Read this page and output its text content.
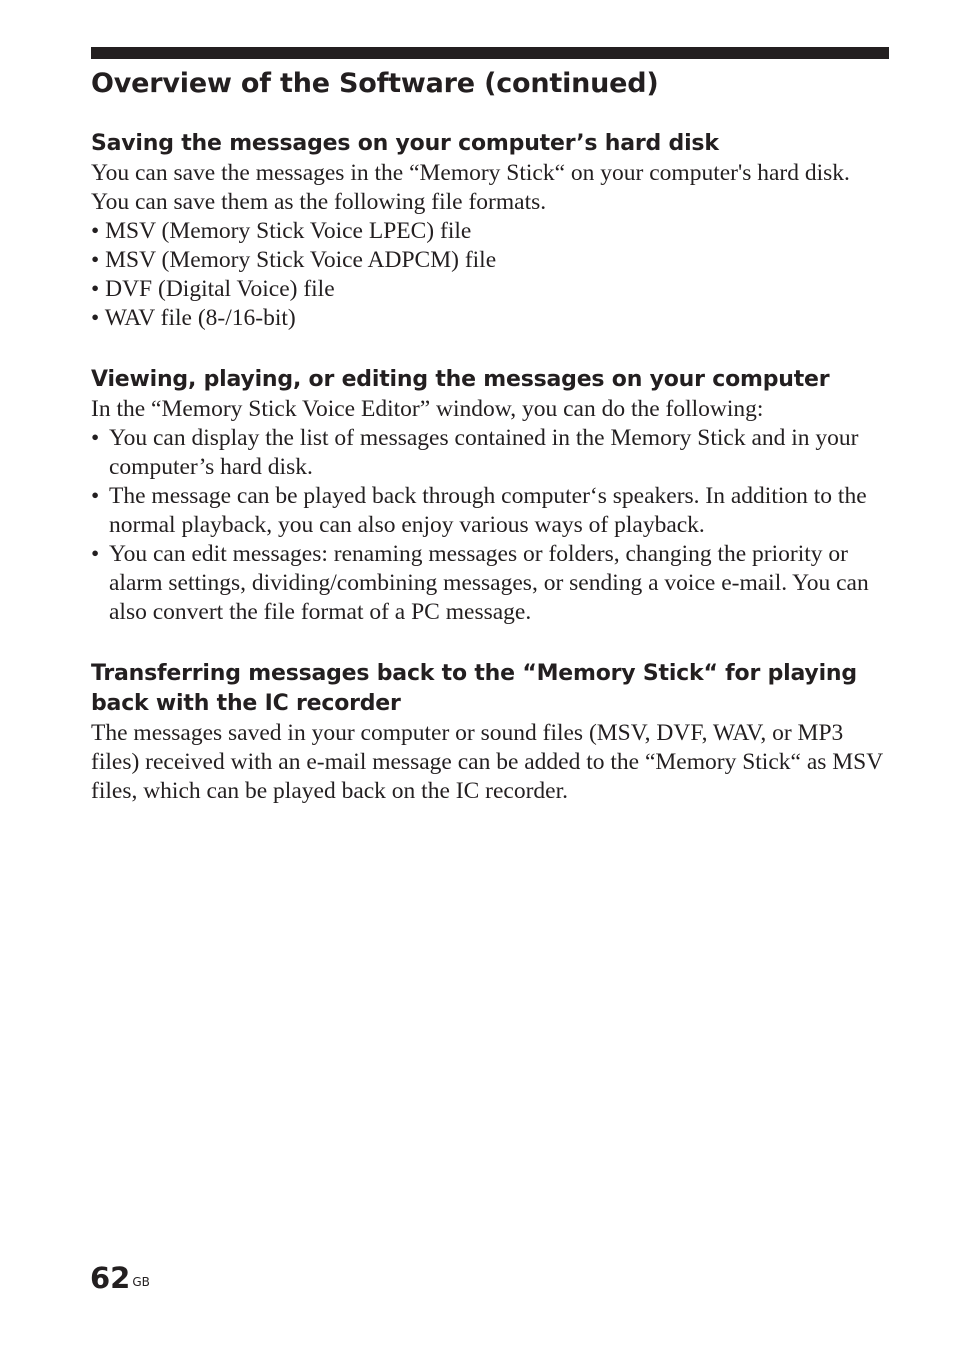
Overview of the Software (continued)
Saving the messages on your computer’s hard disk

You can save the messages in the “Memory Stick“ on your computer's hard disk. You can save them as the following file formats.

• MSV (Memory Stick Voice LPEC) file
• MSV (Memory Stick Voice ADPCM) file
• DVF (Digital Voice) file
• WAV file (8-/16-bit)
Viewing, playing, or editing the messages on your computer

In the “Memory Stick Voice Editor” window, you can do the following:

• You can display the list of messages contained in the Memory Stick and in your computer’s hard disk.
• The message can be played back through computer‘s speakers. In addition to the normal playback, you can also enjoy various ways of playback.
• You can edit messages: renaming messages or folders, changing the priority or alarm settings, dividing/combining messages, or sending a voice e-mail. You can also convert the file format of a PC message.
Transferring messages back to the “Memory Stick“ for playing back with the IC recorder

The messages saved in your computer or sound files (MSV, DVF, WAV, or MP3 files) received with an e-mail message can be added to the “Memory Stick“ as MSV files, which can be played back on the IC recorder.

62 $^{GB}$
